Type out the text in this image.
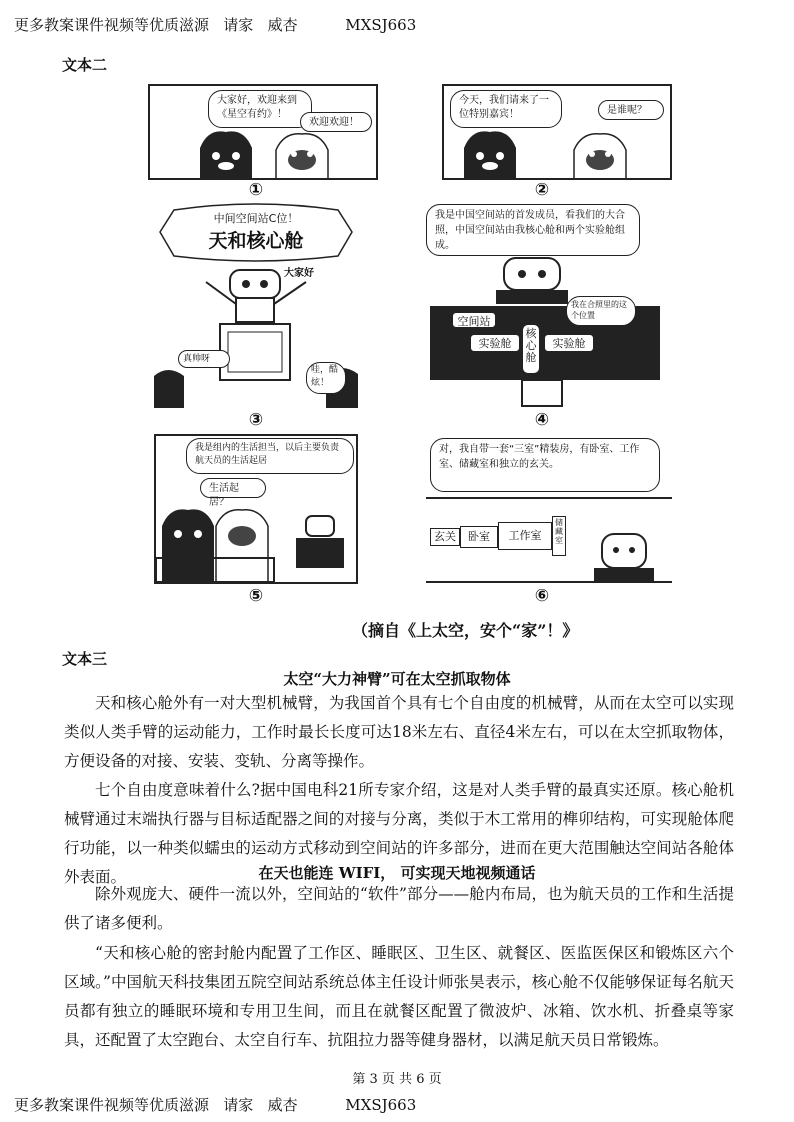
更多教案课件视频等优质滋源   请家   威杏          MXSJ663
文本二
大家好，欢迎来到《星空有约》！
欢迎欢迎！
①
今天，我们请来了一位特别嘉宾！	是谁呢？
②
中间空间站C位！
天和核心舱
大家好
真帅呀
哇，酷炫！
③
我是中国空间站的首发成员，看我们的大合照，中国空间站由我核心舱和两个实验舱组成。
我在合照里的这个位置
空间站
实验舱
核心舱
实验舱
④
我是组内的生活担当，以后主要负责航天员的生活起居
生活起居？
⑤
对，我自带一套“三室”精装房，有卧室、工作室、储藏室和独立的玄关。
玄关	卧室	工作室
储藏室
⑥
（摘自《上太空，安个“家”！》
文本三
太空“大力神臂”可在太空抓取物体
天和核心舱外有一对大型机械臂，为我国首个具有七个自由度的机械臂，从而在太空可以实现类似人类手臂的运动能力，工作时最长长度可达18米左右、直径4米左右，可以在太空抓取物体，方便设备的对接、安装、变轨、分离等操作。
七个自由度意味着什么?据中国电科21所专家介绍，这是对人类手臂的最真实还原。核心舱机械臂通过末端执行器与目标适配器之间的对接与分离，类似于木工常用的榫卯结构，可实现舱体爬行功能，以一种类似蠕虫的运动方式移动到空间站的许多部分，进而在更大范围触达空间站各舱体外表面。	在天也能连 WIFI， 可实现天地视频通话
除外观庞大、硬件一流以外，空间站的“软件”部分——舱内布局，也为航天员的工作和生活提供了诸多便利。
“天和核心舱的密封舱内配置了工作区、睡眠区、卫生区、就餐区、医监医保区和锻炼区六个区域。”中国航天科技集团五院空间站系统总体主任设计师张昊表示，核心舱不仅能够保证每名航天员都有独立的睡眠环境和专用卫生间，而且在就餐区配置了微波炉、冰箱、饮水机、折叠桌等家具，还配置了太空跑台、太空自行车、抗阻拉力器等健身器材，以满足航天员日常锻炼。
第 3 页 共 6 页
更多教案课件视频等优质滋源   请家   威杏          MXSJ663
